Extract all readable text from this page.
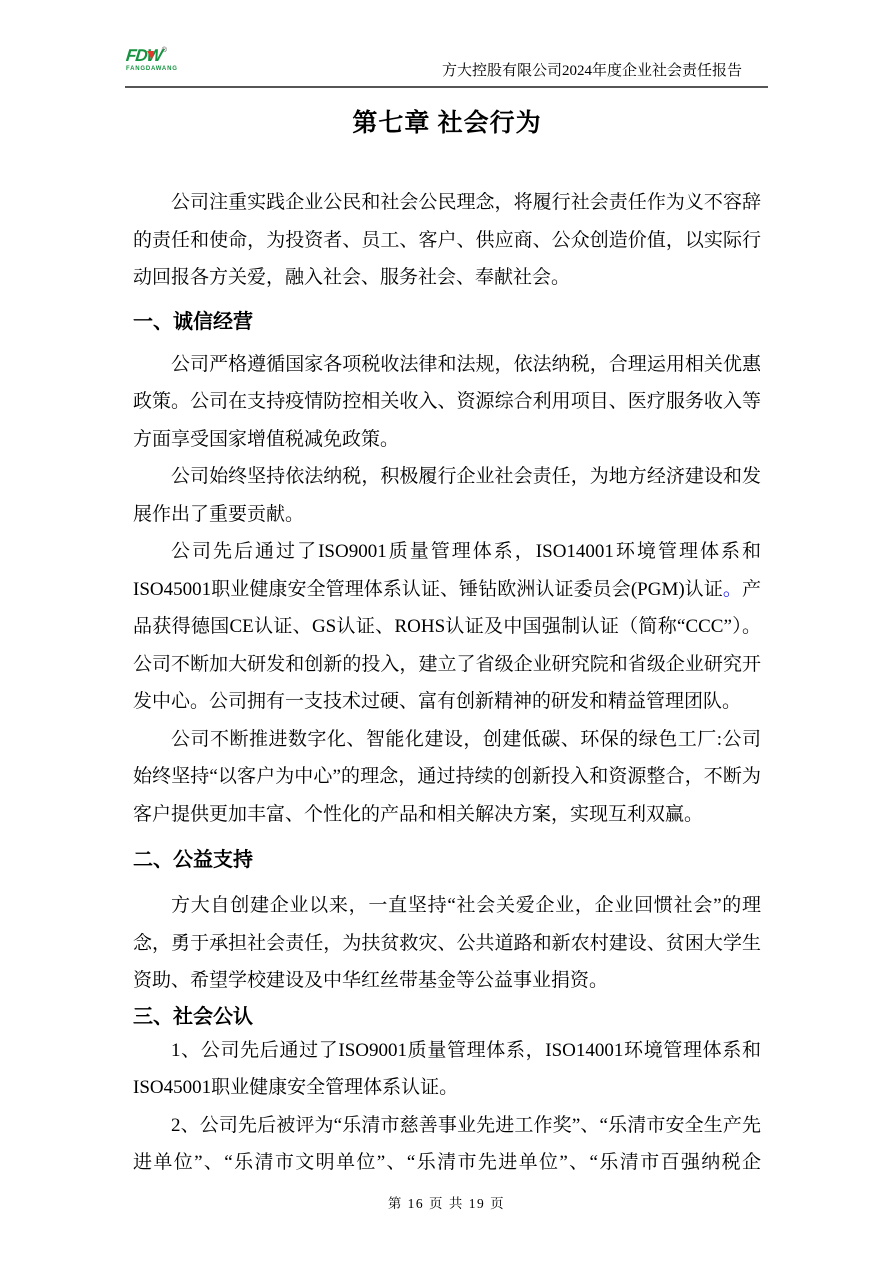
FDW
®
FANGDAWANG	方大控股有限公司2024年度企业社会责任报告
第七章 社会行为

公司注重实践企业公民和社会公民理念，将履行社会责任作为义不容辞的责任和使命，为投资者、员工、客户、供应商、公众创造价值，以实际行动回报各方关爱，融入社会、服务社会、奉献社会。

一、诚信经营

公司严格遵循国家各项税收法律和法规，依法纳税，合理运用相关优惠政策。公司在支持疫情防控相关收入、资源综合利用项目、医疗服务收入等方面享受国家增值税减免政策。

公司始终坚持依法纳税，积极履行企业社会责任，为地方经济建设和发展作出了重要贡献。

公司先后通过了ISO9001质量管理体系，ISO14001环境管理体系和ISO45001职业健康安全管理体系认证、锤钻欧洲认证委员会(PGM)认证。产品获得德国CE认证、GS认证、ROHS认证及中国强制认证（简称“CCC”）。公司不断加大研发和创新的投入，建立了省级企业研究院和省级企业研究开发中心。公司拥有一支技术过硬、富有创新精神的研发和精益管理团队。

公司不断推进数字化、智能化建设，创建低碳、环保的绿色工厂:公司始终坚持“以客户为中心”的理念，通过持续的创新投入和资源整合，不断为客户提供更加丰富、个性化的产品和相关解决方案，实现互利双赢。

二、公益支持

方大自创建企业以来，一直坚持“社会关爱企业，企业回惯社会”的理念，勇于承担社会责任，为扶贫救灾、公共道路和新农村建设、贫困大学生资助、希望学校建设及中华红丝带基金等公益事业捐资。

三、社会公认

1、公司先后通过了ISO9001质量管理体系，ISO14001环境管理体系和ISO45001职业健康安全管理体系认证。

2、公司先后被评为“乐清市慈善事业先进工作奖”、“乐清市安全生产先进单位”、“乐清市文明单位”、“乐清市先进单位”、“乐清市百强纳税企

第 16 页 共 19 页
